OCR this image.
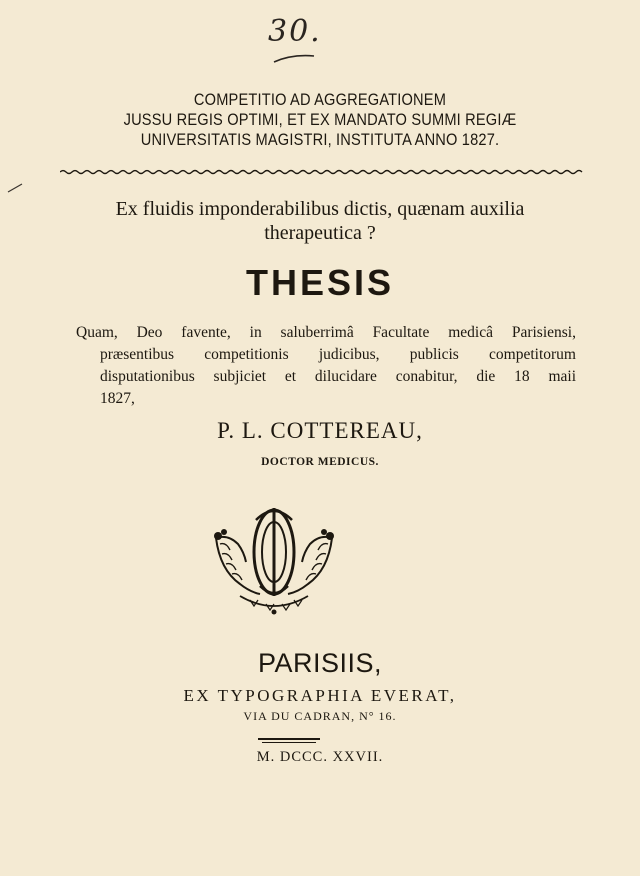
30.
COMPETITIO AD AGGREGATIONEM
JUSSU REGIS OPTIMI, ET EX MANDATO SUMMI REGIÆ
UNIVERSITATIS MAGISTRI, INSTITUTA ANNO 1827.
Ex fluidis imponderabilibus dictis, quænam auxilia
therapeutica ?
THESIS
Quam, Deo favente, in saluberrimâ Facultate medicâ Parisiensi,
præsentibus competitionis judicibus, publicis competitorum
disputationibus subjiciet et dilucidare conabitur, die 18 maii
1827,
P. L. COTTEREAU,
DOCTOR MEDICUS.
PARISIIS,
EX TYPOGRAPHIA EVERAT,
VIA DU CADRAN, N° 16.
M. DCCC. XXVII.
